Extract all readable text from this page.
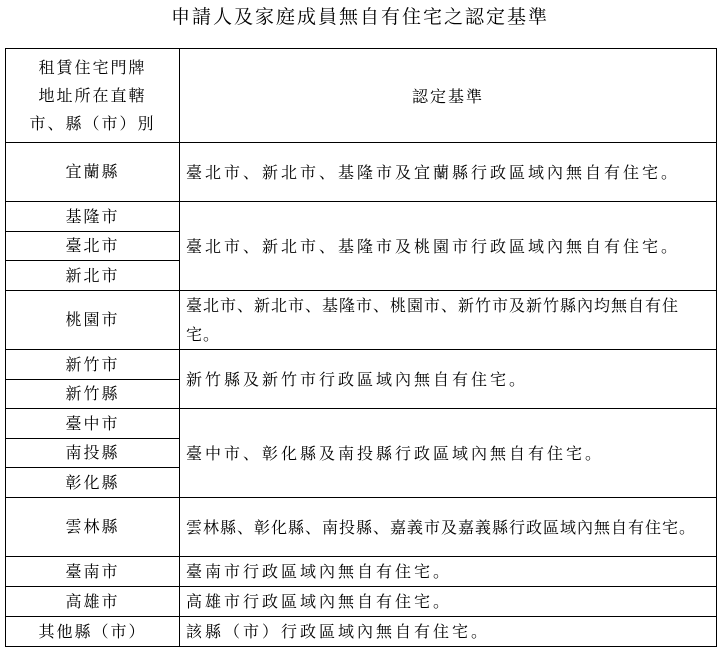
申請人及家庭成員無自有住宅之認定基準
租賃住宅門牌
地址所在直轄
市、縣（市）別	認定基準
宜蘭縣	臺北市、新北市、基隆市及宜蘭縣行政區域內無自有住宅。
基隆市	臺北市、新北市、基隆市及桃園市行政區域內無自有住宅。
臺北市	
新北市	
桃園市	臺北市、新北市、基隆市、桃園市、新竹市及新竹縣內均無自有住宅。
新竹市	新竹縣及新竹市行政區域內無自有住宅。
新竹縣	
臺中市	臺中市、彰化縣及南投縣行政區域內無自有住宅。
南投縣	
彰化縣	
雲林縣	雲林縣、彰化縣、南投縣、嘉義市及嘉義縣行政區域內無自有住宅。
臺南市	臺南市行政區域內無自有住宅。
高雄市	高雄市行政區域內無自有住宅。
其他縣（市）	該縣（市）行政區域內無自有住宅。
